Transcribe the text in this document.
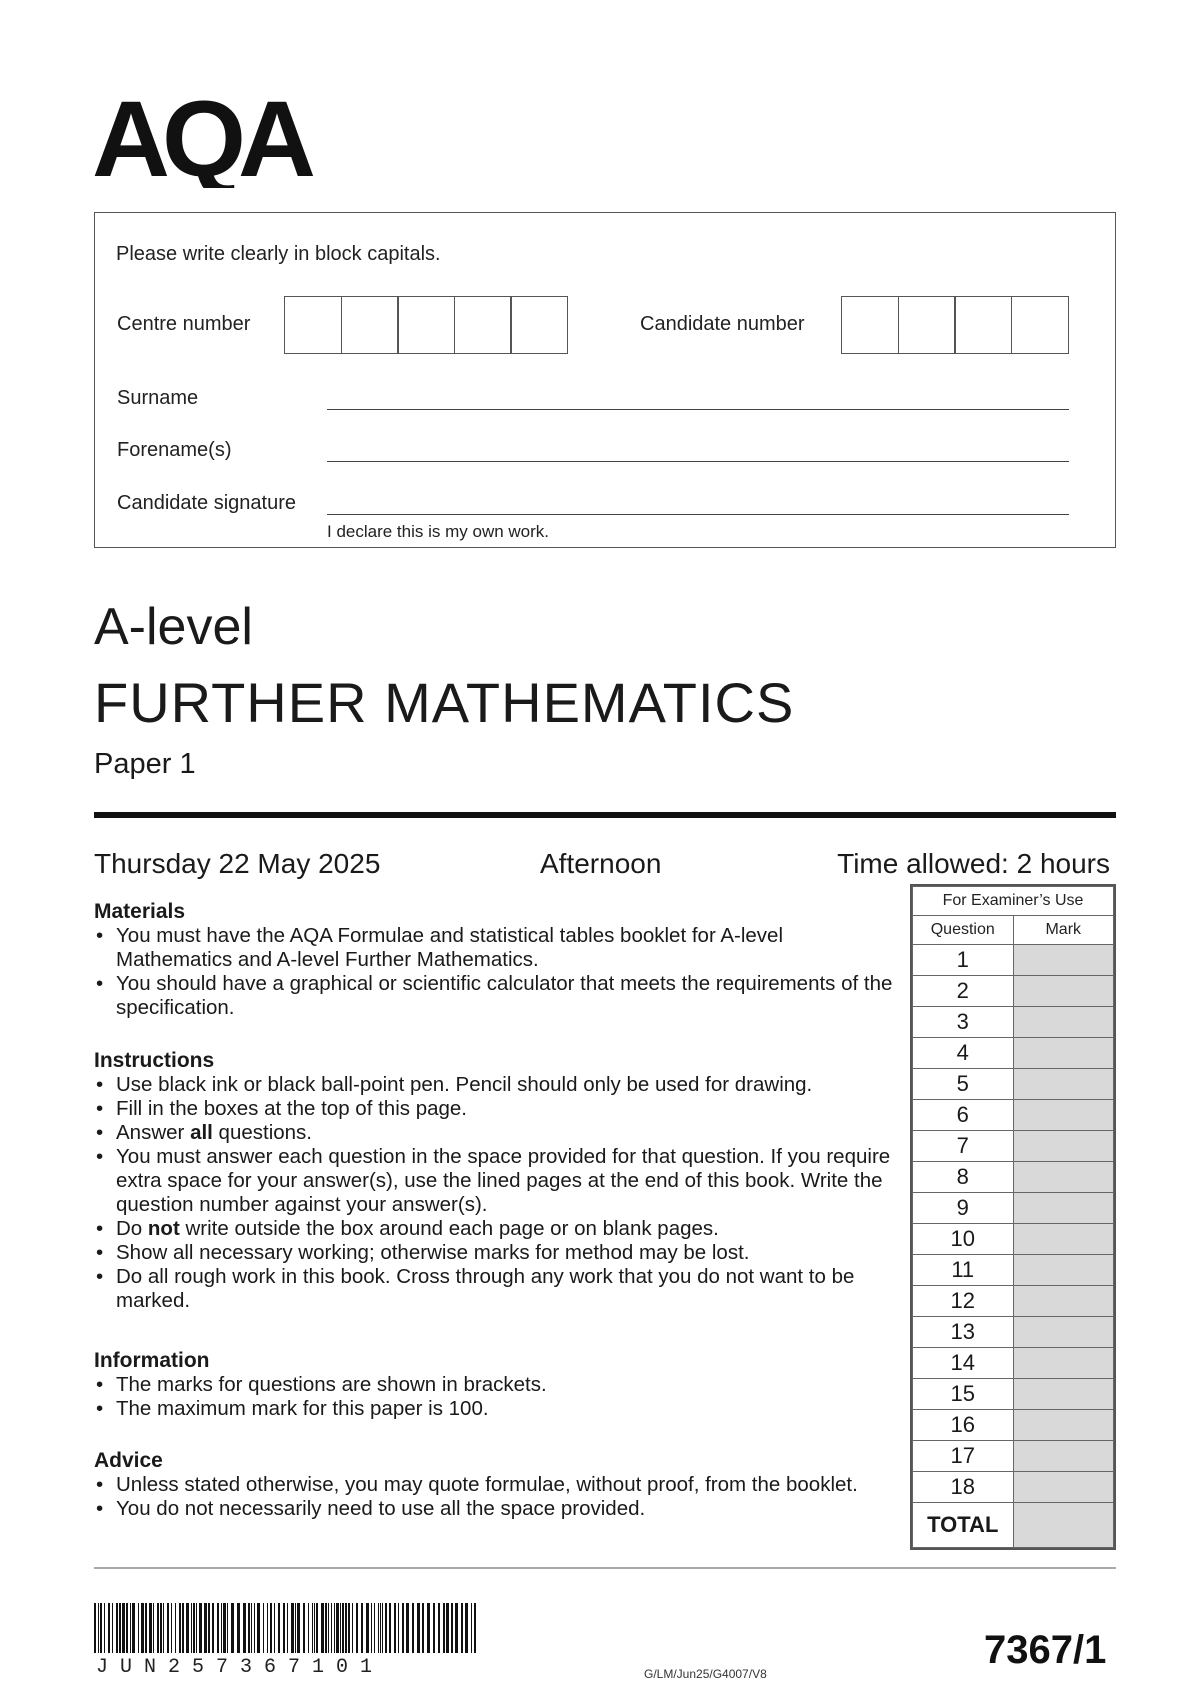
AQA
Please write clearly in block capitals.
Centre number	Candidate number
Surname
Forename(s)
Candidate signature
I declare this is my own work.
A-level
FURTHER MATHEMATICS
Paper 1
Thursday 22 May 2025	Afternoon	Time allowed: 2 hours
Materials
• You must have the AQA Formulae and statistical tables booklet for A-level Mathematics and A-level Further Mathematics.
• You should have a graphical or scientific calculator that meets the requirements of the specification.
Instructions
• Use black ink or black ball-point pen. Pencil should only be used for drawing.
• Fill in the boxes at the top of this page.
• Answer all questions.
• You must answer each question in the space provided for that question. If you require extra space for your answer(s), use the lined pages at the end of this book. Write the question number against your answer(s).
• Do not write outside the box around each page or on blank pages.
• Show all necessary working; otherwise marks for method may be lost.
• Do all rough work in this book. Cross through any work that you do not want to be marked.
Information
• The marks for questions are shown in brackets.
• The maximum mark for this paper is 100.
Advice
• Unless stated otherwise, you may quote formulae, without proof, from the booklet.
• You do not necessarily need to use all the space provided.
For Examiner’s Use	
Question	Mark
1	
2	
3	
4	
5	
6	
7	
8	
9	
10	
11	
12	
13	
14	
15	
16	
17	
18	
TOTAL	
JUN257367101	G/LM/Jun25/G4007/V8
7367/1
